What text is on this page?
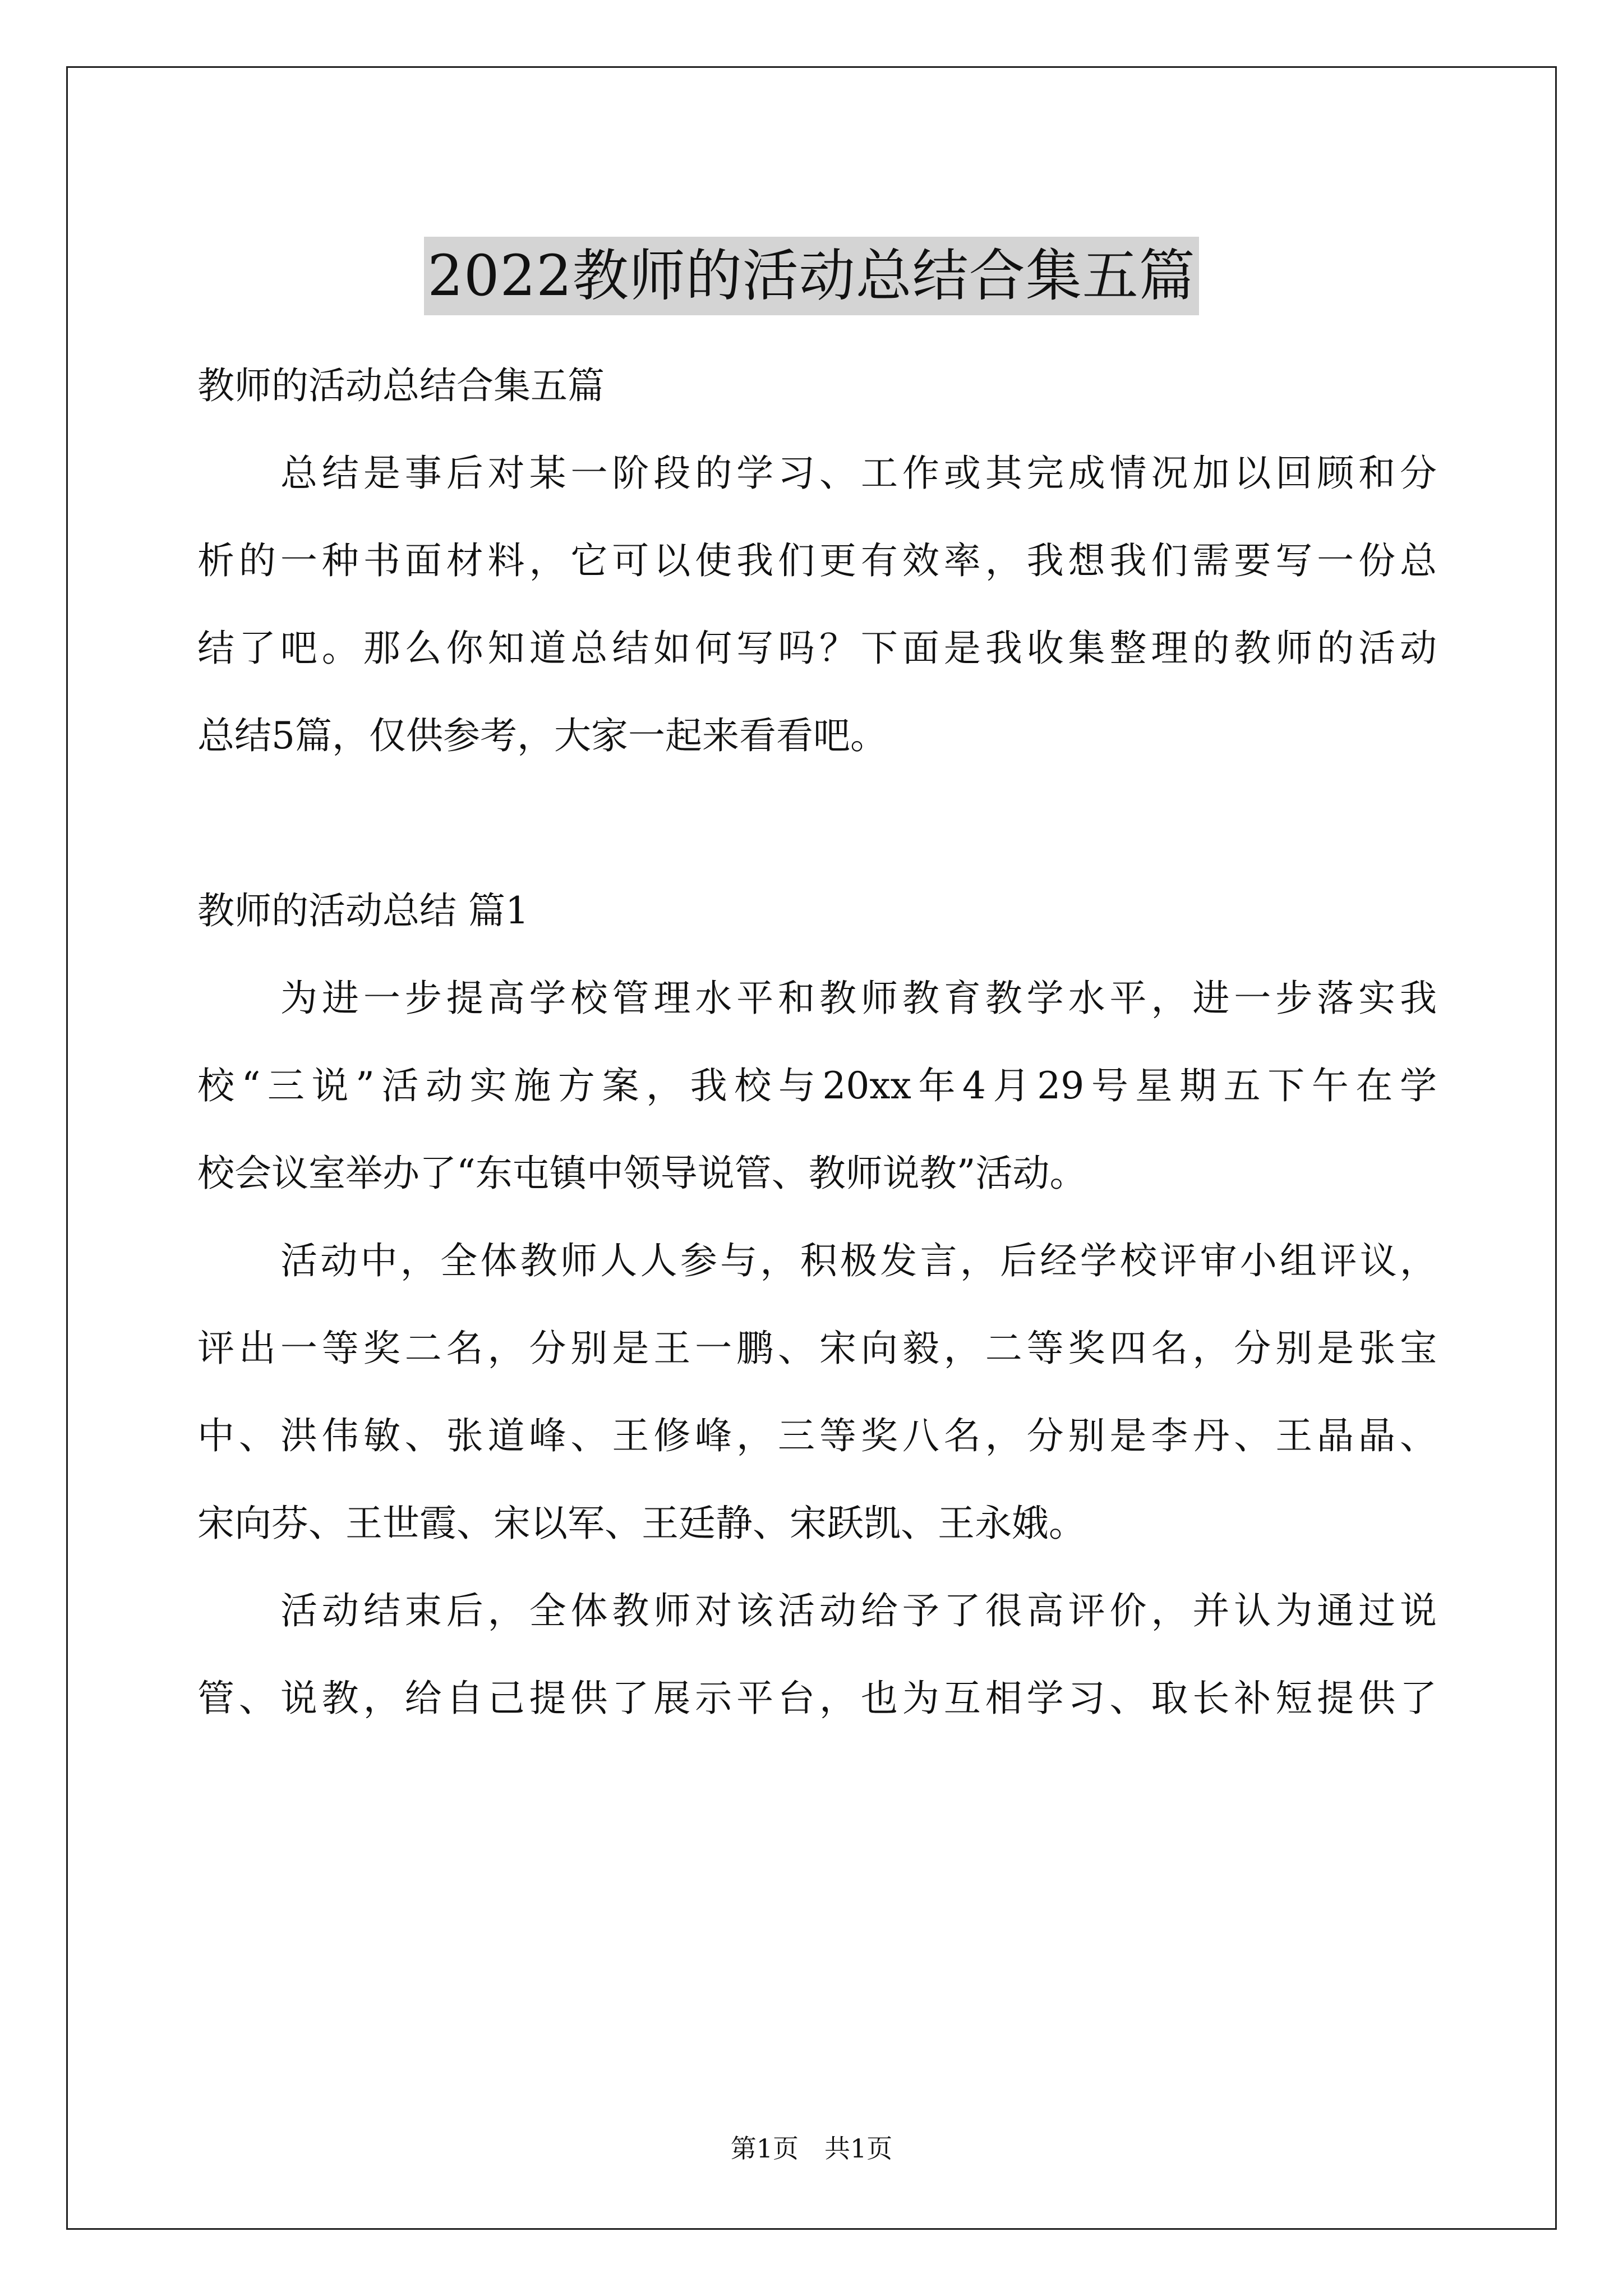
2022教师的活动总结合集五篇

教师的活动总结合集五篇

总结是事后对某一阶段的学习、工作或其完成情况加以回顾和分

析的一种书面材料，它可以使我们更有效率，我想我们需要写一份总

结了吧。那么你知道总结如何写吗？下面是我收集整理的教师的活动

总结5篇，仅供参考，大家一起来看看吧。

教师的活动总结 篇1

为进一步提高学校管理水平和教师教育教学水平，进一步落实我

校“三说”活动实施方案，我校与20xx年4月29号星期五下午在学

校会议室举办了“东屯镇中领导说管、教师说教”活动。

活动中，全体教师人人参与，积极发言，后经学校评审小组评议，

评出一等奖二名，分别是王一鹏、宋向毅，二等奖四名，分别是张宝

中、洪伟敏、张道峰、王修峰，三等奖八名，分别是李丹、王晶晶、

宋向芬、王世霞、宋以军、王廷静、宋跃凯、王永娥。

活动结束后，全体教师对该活动给予了很高评价，并认为通过说

管、说教，给自己提供了展示平台，也为互相学习、取长补短提供了

第1页 共1页
